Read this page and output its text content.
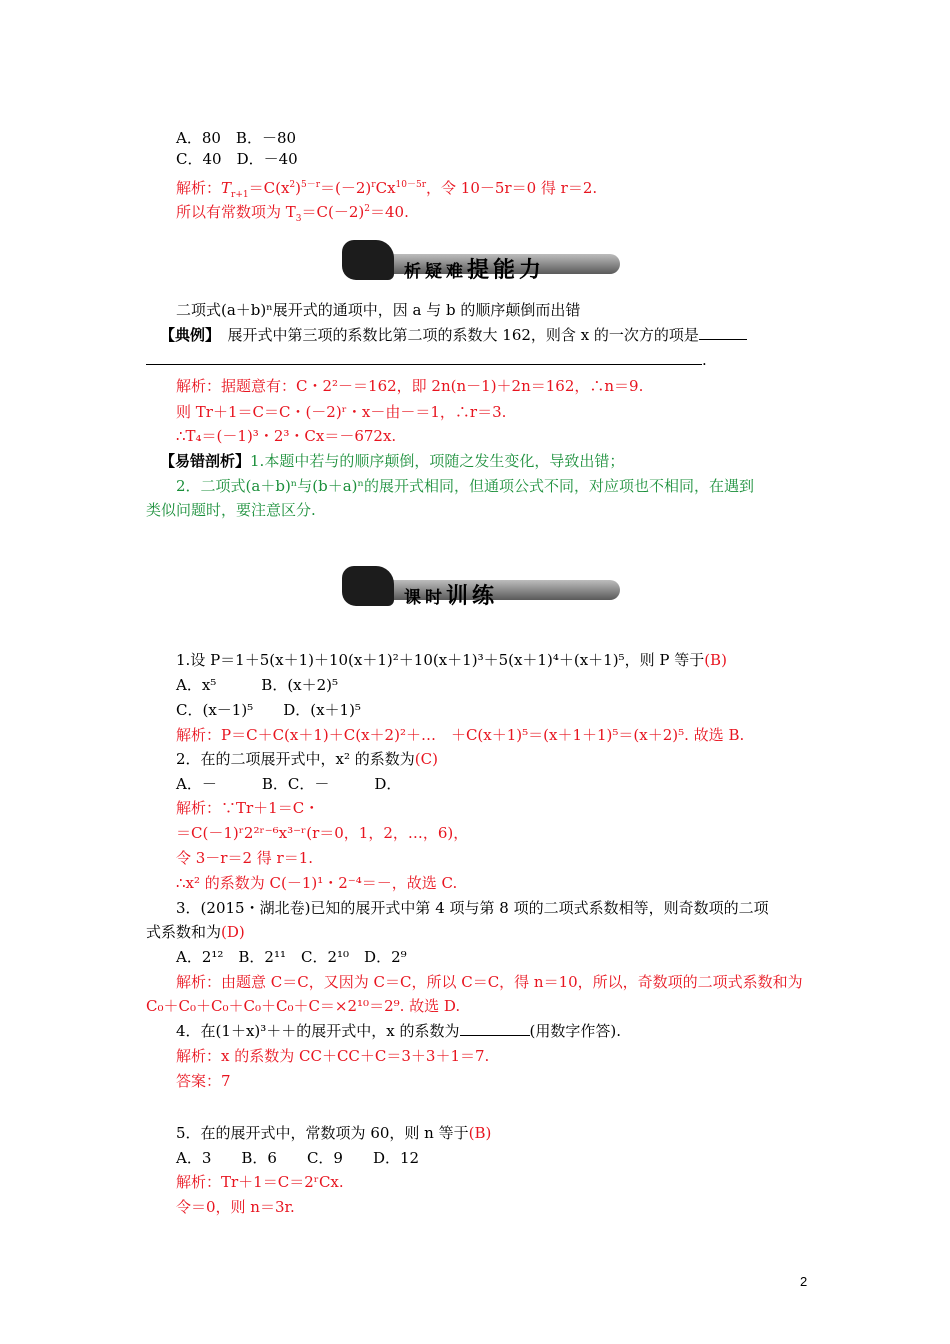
A．80　B．－80
C．40　D．－40
解析：$T_{r+1}=C(x^2)^{5-r}=(-2)^rCx^{10-5r}$，令 10－5r＝0 得 r＝2.
所以有常数项为 $T_3=C(-2)^2=40$.
析疑难提能力
二项式(a＋b)ⁿ展开式的通项中，因 a 与 b 的顺序颠倒而出错
【典例】　 展开式中第三项的系数比第二项的系数大 162，则含 x 的一次方的项是
.
解析：据题意有：C・2²－＝162，即 2n(n－1)＋2n＝162，∴n＝9.
则 Tr＋1＝C＝C・(－2)ʳ・x－由－＝1，∴r＝3.
∴T₄＝(－1)³・2³・Cx＝－672x.
【易错剖析】1.本题中若与的顺序颠倒，项随之发生变化，导致出错；
2．二项式(a＋b)ⁿ与(b＋a)ⁿ的展开式相同，但通项公式不同，对应项也不相同，在遇到
类似问题时，要注意区分.
课时训练
1.设 P＝1＋5(x＋1)＋10(x＋1)²＋10(x＋1)³＋5(x＋1)⁴＋(x＋1)⁵，则 P 等于(B)
A．x⁵　　　B．(x＋2)⁵
C．(x－1)⁵　　D．(x＋1)⁵
解析：P＝C＋C(x＋1)＋C(x＋2)²＋…　＋C(x＋1)⁵＝(x＋1＋1)⁵＝(x＋2)⁵. 故选 B.
2．在的二项展开式中，x² 的系数为(C)
A．－　　　B．C．－　　　D．
解析：∵Tr＋1＝C・
＝C(－1)ʳ2²ʳ⁻⁶x³⁻ʳ(r＝0，1，2，…，6)，
令 3－r＝2 得 r＝1.
∴x² 的系数为 C(－1)¹・2⁻⁴＝－，故选 C.
3．(2015・湖北卷)已知的展开式中第 4 项与第 8 项的二项式系数相等，则奇数项的二项
式系数和为(D)
A．2¹²　B．2¹¹　C．2¹⁰　D．2⁹
解析：由题意 C＝C，又因为 C＝C，所以 C＝C，得 n＝10，所以，奇数项的二项式系数和为
C₀＋C₀＋C₀＋C₀＋C₀＋C＝×2¹⁰＝2⁹. 故选 D.
4．在(1＋x)³＋＋的展开式中，x 的系数为	(用数字作答).
解析：x 的系数为 CC＋CC＋C＝3＋3＋1＝7.
答案：7
5．在的展开式中，常数项为 60，则 n 等于(B)
A．3　　B．6　　C．9　　D．12
解析：Tr＋1＝C＝2ʳCx.
令＝0，则 n＝3r.
2
